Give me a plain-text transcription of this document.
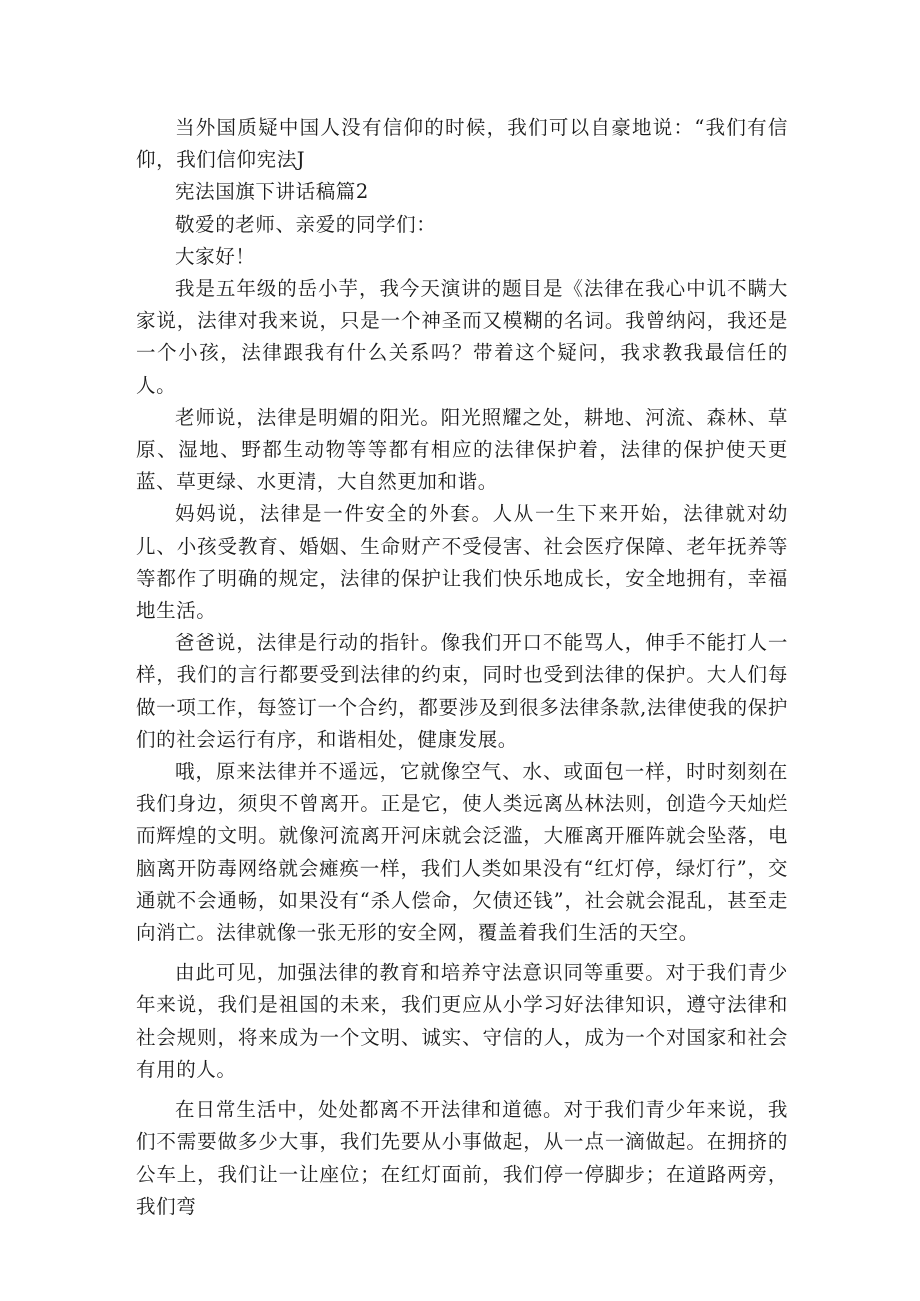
当外国质疑中国人没有信仰的时候，我们可以自豪地说：“我们有信仰，我们信仰宪法J

宪法国旗下讲话稿篇2

敬爱的老师、亲爱的同学们：

大家好！

我是五年级的岳小芋，我今天演讲的题目是《法律在我心中讥不瞒大家说，法律对我来说，只是一个神圣而又模糊的名词。我曾纳闷，我还是一个小孩，法律跟我有什么关系吗？带着这个疑问，我求教我最信任的人。

老师说，法律是明媚的阳光。阳光照耀之处，耕地、河流、森林、草原、湿地、野都生动物等等都有相应的法律保护着，法律的保护使天更蓝、草更绿、水更清，大自然更加和谐。

妈妈说，法律是一件安全的外套。人从一生下来开始，法律就对幼儿、小孩受教育、婚姻、生命财产不受侵害、社会医疗保障、老年抚养等等都作了明确的规定，法律的保护让我们快乐地成长，安全地拥有，幸福地生活。

爸爸说，法律是行动的指针。像我们开口不能骂人，伸手不能打人一样，我们的言行都要受到法律的约束，同时也受到法律的保护。大人们每做一项工作，每签订一个合约，都要涉及到很多法律条款,法律使我的保护们的社会运行有序，和谐相处，健康发展。

哦，原来法律并不遥远，它就像空气、水、或面包一样，时时刻刻在我们身边，须臾不曾离开。正是它，使人类远离丛林法则，创造今天灿烂而辉煌的文明。就像河流离开河床就会泛滥，大雁离开雁阵就会坠落，电脑离开防毒网络就会瘫痪一样，我们人类如果没有“红灯停，绿灯行”，交通就不会通畅，如果没有“杀人偿命，欠债还钱”，社会就会混乱，甚至走向消亡。法律就像一张无形的安全网，覆盖着我们生活的天空。

由此可见，加强法律的教育和培养守法意识同等重要。对于我们青少年来说，我们是祖国的未来，我们更应从小学习好法律知识，遵守法律和社会规则，将来成为一个文明、诚实、守信的人，成为一个对国家和社会有用的人。

在日常生活中，处处都离不开法律和道德。对于我们青少年来说，我们不需要做多少大事，我们先要从小事做起，从一点一滴做起。在拥挤的公车上，我们让一让座位；在红灯面前，我们停一停脚步；在道路两旁，我们弯
